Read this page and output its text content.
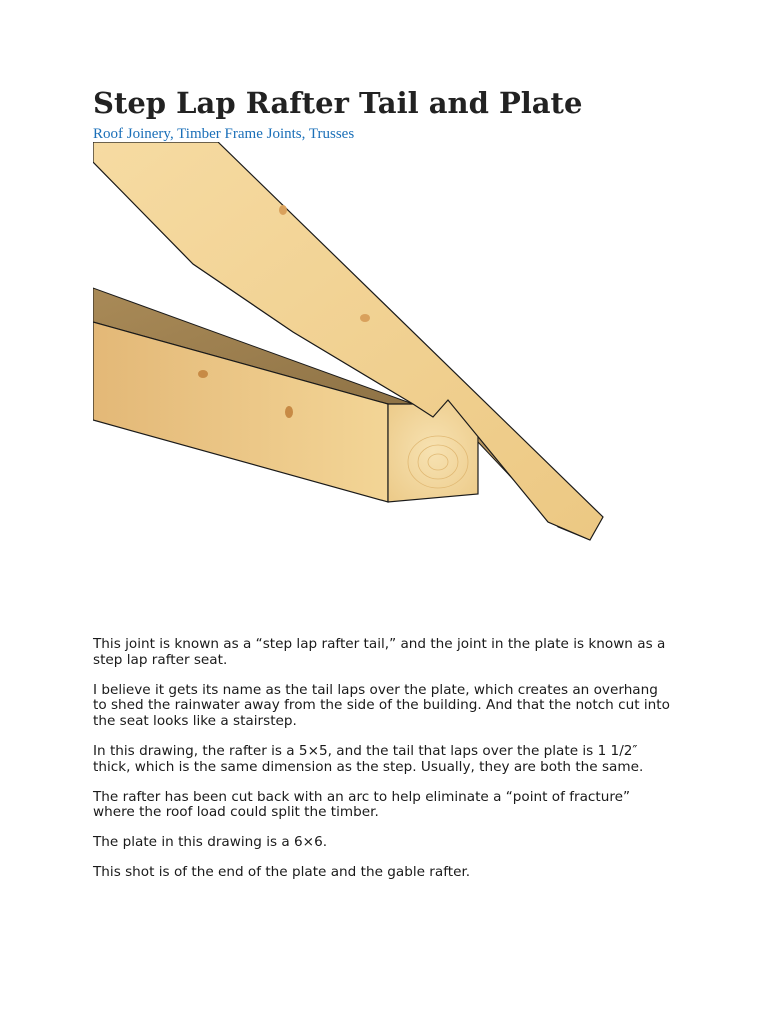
Step Lap Rafter Tail and Plate
Roof Joinery, Timber Frame Joints, Trusses

This joint is known as a “step lap rafter tail,” and the joint in the plate is known as a step lap rafter seat.

I believe it gets its name as the tail laps over the plate, which creates an overhang to shed the rainwater away from the side of the building. And that the notch cut into the seat looks like a stairstep.

In this drawing, the rafter is a 5×5, and the tail that laps over the plate is 1 1/2″ thick, which is the same dimension as the step. Usually, they are both the same.

The rafter has been cut back with an arc to help eliminate a “point of fracture” where the roof load could split the timber.

The plate in this drawing is a 6×6.

This shot is of the end of the plate and the gable rafter.
